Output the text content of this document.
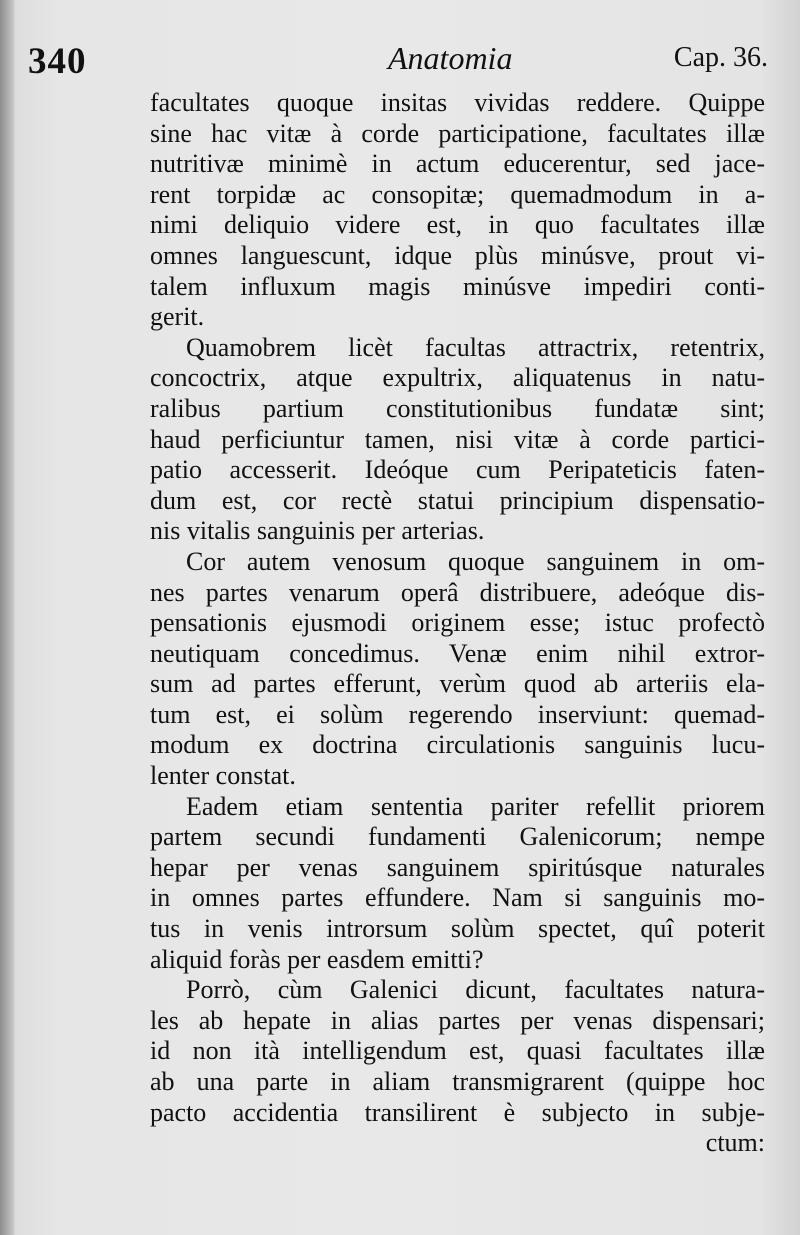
340	Anatomia	Cap. 36.
facultates quoque insitas vividas reddere. Quippe
sine hac vitæ à corde participatione, facultates illæ
nutritivæ minimè in actum educerentur, sed jace-
rent torpidæ ac consopitæ; quemadmodum in a-
nimi deliquio videre est, in quo facultates illæ
omnes languescunt, idque plùs minúsve, prout vi-
talem influxum magis minúsve impediri conti-
gerit.
Quamobrem licèt facultas attractrix, retentrix,
concoctrix, atque expultrix, aliquatenus in natu-
ralibus partium constitutionibus fundatæ sint;
haud perficiuntur tamen, nisi vitæ à corde partici-
patio accesserit. Ideóque cum Peripateticis faten-
dum est, cor rectè statui principium dispensatio-
nis vitalis sanguinis per arterias.
Cor autem venosum quoque sanguinem in om-
nes partes venarum operâ distribuere, adeóque dis-
pensationis ejusmodi originem esse; istuc profectò
neutiquam concedimus. Venæ enim nihil extror-
sum ad partes efferunt, verùm quod ab arteriis ela-
tum est, ei solùm regerendo inserviunt: quemad-
modum ex doctrina circulationis sanguinis lucu-
lenter constat.
Eadem etiam sententia pariter refellit priorem
partem secundi fundamenti Galenicorum; nempe
hepar per venas sanguinem spiritúsque naturales
in omnes partes effundere. Nam si sanguinis mo-
tus in venis introrsum solùm spectet, quî poterit
aliquid foràs per easdem emitti?
Porrò, cùm Galenici dicunt, facultates natura-
les ab hepate in alias partes per venas dispensari;
id non ità intelligendum est, quasi facultates illæ
ab una parte in aliam transmigrarent (quippe hoc
pacto accidentia transilirent è subjecto in subje-
ctum:
